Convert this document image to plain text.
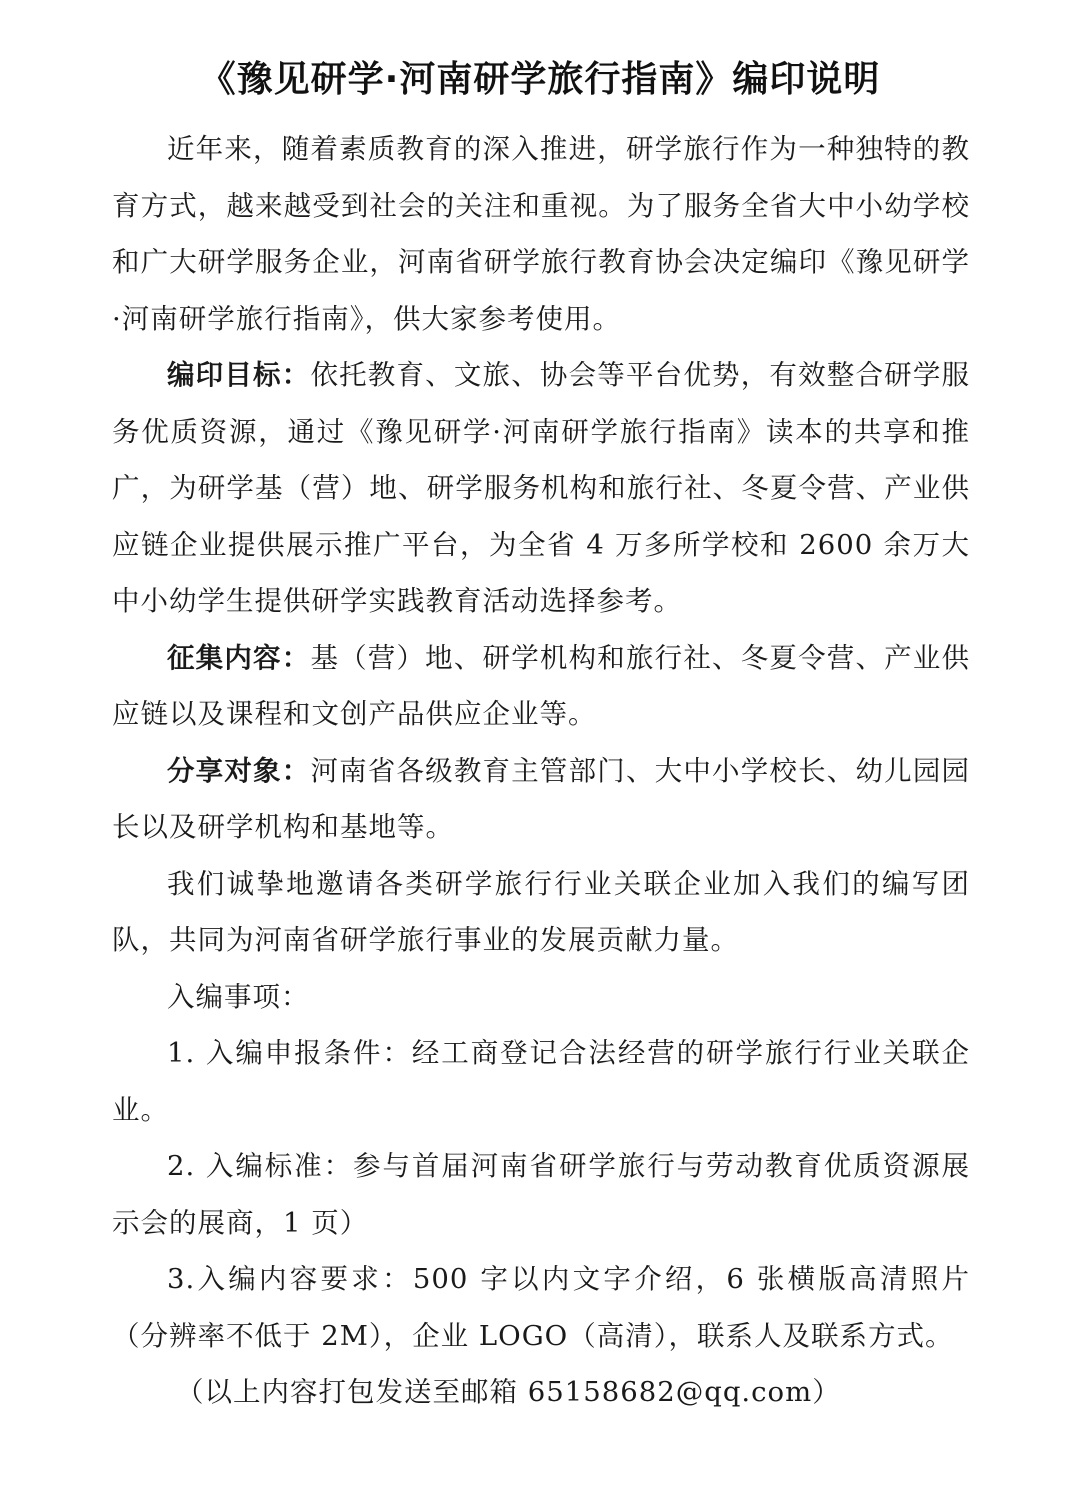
《豫见研学·河南研学旅行指南》编印说明

近年来，随着素质教育的深入推进，研学旅行作为一种独特的教育方式，越来越受到社会的关注和重视。为了服务全省大中小幼学校和广大研学服务企业，河南省研学旅行教育协会决定编印《豫见研学·河南研学旅行指南》，供大家参考使用。

编印目标：依托教育、文旅、协会等平台优势，有效整合研学服务优质资源，通过《豫见研学·河南研学旅行指南》读本的共享和推广，为研学基（营）地、研学服务机构和旅行社、冬夏令营、产业供应链企业提供展示推广平台，为全省 4 万多所学校和 2600 余万大中小幼学生提供研学实践教育活动选择参考。

征集内容：基（营）地、研学机构和旅行社、冬夏令营、产业供应链以及课程和文创产品供应企业等。

分享对象：河南省各级教育主管部门、大中小学校长、幼儿园园长以及研学机构和基地等。

我们诚挚地邀请各类研学旅行行业关联企业加入我们的编写团队，共同为河南省研学旅行事业的发展贡献力量。

入编事项：

1. 入编申报条件：经工商登记合法经营的研学旅行行业关联企业。

2. 入编标准：参与首届河南省研学旅行与劳动教育优质资源展示会的展商，1 页）

3.入编内容要求：500 字以内文字介绍，6 张横版高清照片（分辨率不低于 2M），企业 LOGO（高清），联系人及联系方式。

（以上内容打包发送至邮箱 65158682@qq.com）
